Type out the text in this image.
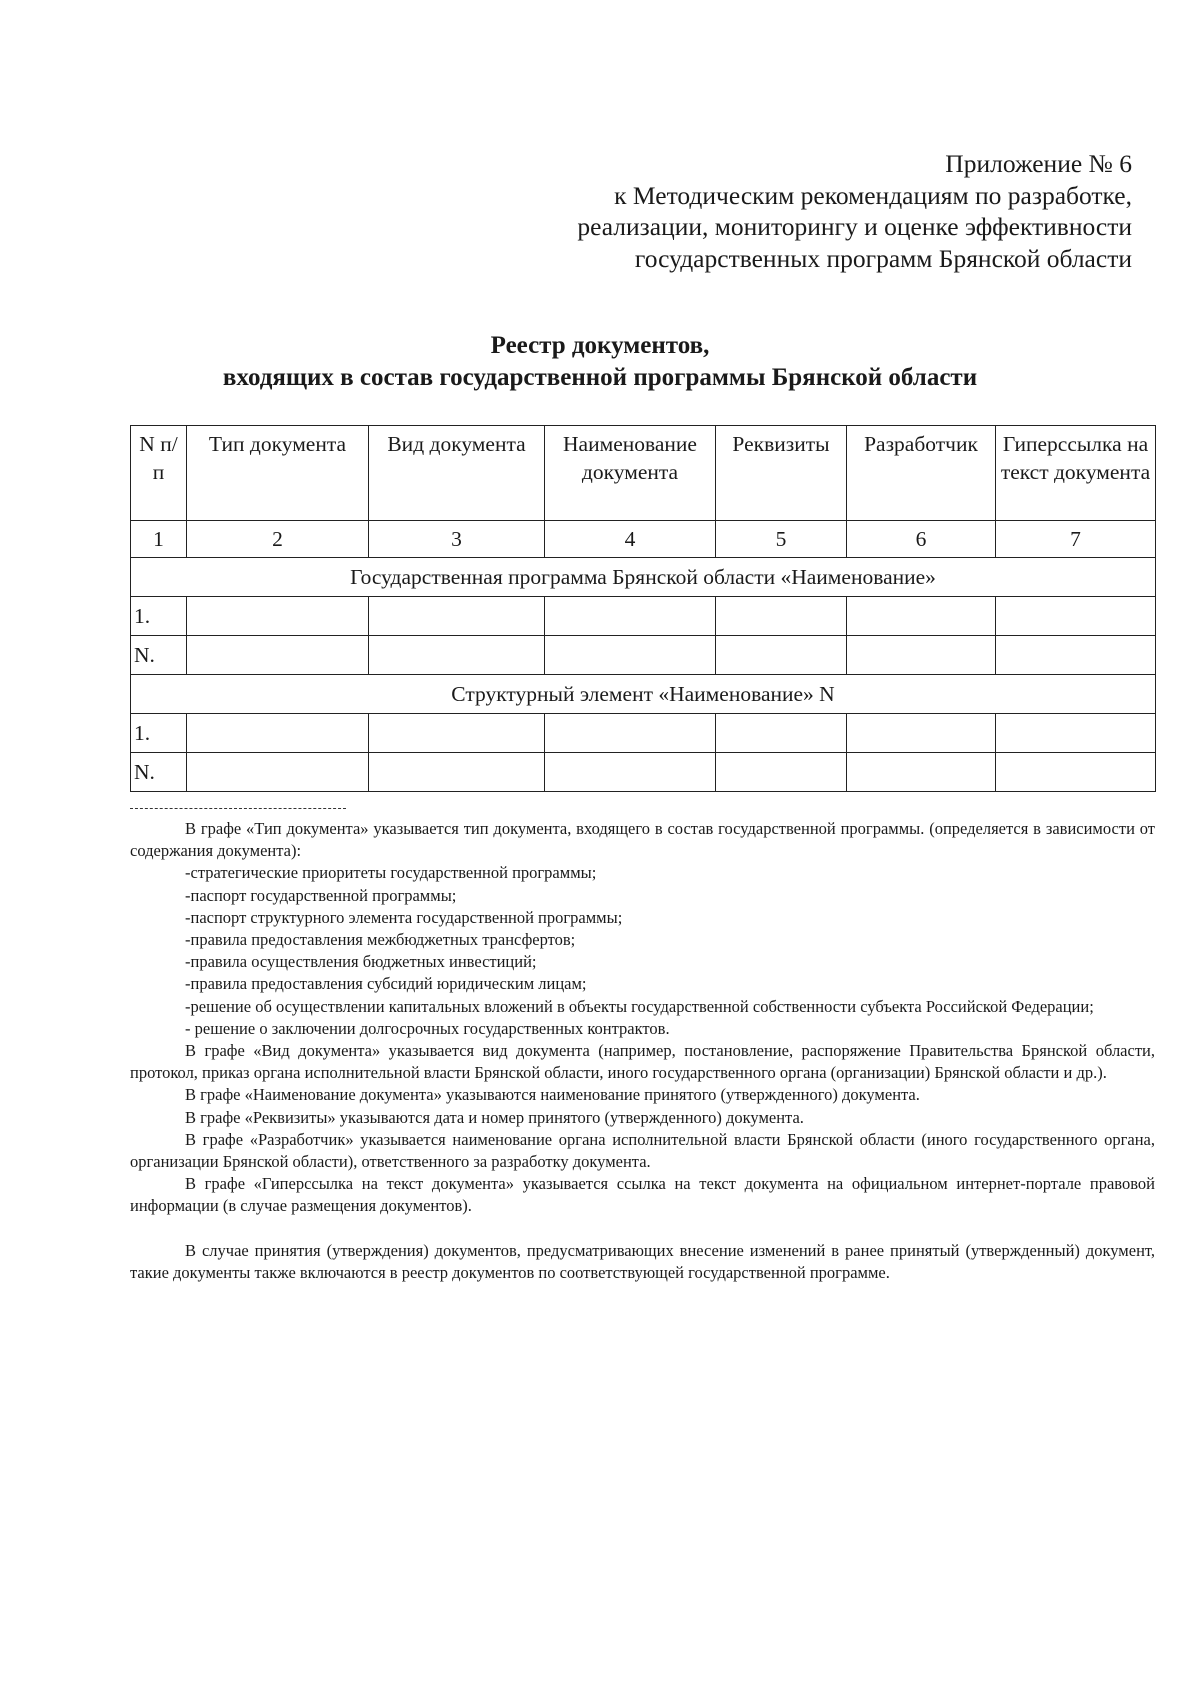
Приложение № 6
к Методическим рекомендациям по разработке,
реализации, мониторингу и оценке эффективности
государственных программ Брянской области
Реестр документов,
входящих в состав государственной программы Брянской области
N п/п	Тип документа	Вид документа	Наименование документа	Реквизиты	Разработчик	Гиперссылка на текст документа
1	2	3	4	5	6	7
Государственная программа Брянской области «Наименование»						
1.						
N.						
Структурный элемент «Наименование» N						
1.						
N.						

В графе «Тип документа» указывается тип документа, входящего в состав государственной программы. (определяется в зависимости от содержания документа):

-стратегические приоритеты государственной программы;

-паспорт государственной программы;

-паспорт структурного элемента государственной программы;

-правила предоставления межбюджетных трансфертов;

-правила осуществления бюджетных инвестиций;

-правила предоставления субсидий юридическим лицам;

-решение об осуществлении капитальных вложений в объекты государственной собственности субъекта Российской Федерации;

- решение о заключении долгосрочных государственных контрактов.

В графе «Вид документа» указывается вид документа (например, постановление, распоряжение Правительства Брянской области, протокол, приказ органа исполнительной власти Брянской области, иного государственного органа (организации) Брянской области и др.).

В графе «Наименование документа» указываются наименование принятого (утвержденного) документа.

В графе «Реквизиты» указываются дата и номер принятого (утвержденного) документа.

В графе «Разработчик» указывается наименование органа исполнительной власти Брянской области (иного государственного органа, организации Брянской области), ответственного за разработку документа.

В графе «Гиперссылка на текст документа» указывается ссылка на текст документа на официальном интернет-портале правовой информации (в случае размещения документов).

В случае принятия (утверждения) документов, предусматривающих внесение изменений в ранее принятый (утвержденный) документ, такие документы также включаются в реестр документов по соответствующей государственной программе.
